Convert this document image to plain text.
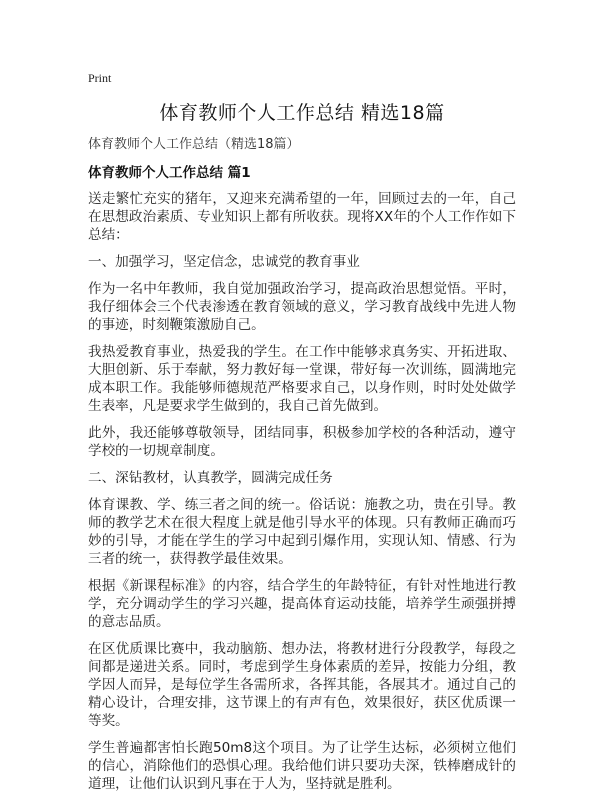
Print
体育教师个人工作总结 精选18篇

体育教师个人工作总结（精选18篇）

体育教师个人工作总结 篇1

送走繁忙充实的猪年，又迎来充满希望的一年，回顾过去的一年，自己在思想政治素质、专业知识上都有所收获。现将XX年的个人工作作如下总结：

一、加强学习，坚定信念，忠诚党的教育事业

作为一名中年教师，我自觉加强政治学习，提高政治思想觉悟。平时，我仔细体会三个代表渗透在教育领域的意义，学习教育战线中先进人物的事迹，时刻鞭策激励自己。

我热爱教育事业，热爱我的学生。在工作中能够求真务实、开拓进取、大胆创新、乐于奉献，努力教好每一堂课，带好每一次训练，圆满地完成本职工作。我能够师德规范严格要求自己，以身作则，时时处处做学生表率，凡是要求学生做到的，我自己首先做到。

此外，我还能够尊敬领导，团结同事，积极参加学校的各种活动，遵守学校的一切规章制度。

二、深钻教材，认真教学，圆满完成任务

体育课教、学、练三者之间的统一。俗话说：施教之功，贵在引导。教师的教学艺术在很大程度上就是他引导水平的体现。只有教师正确而巧妙的引导，才能在学生的学习中起到引爆作用，实现认知、情感、行为三者的统一，获得教学最佳效果。

根据《新课程标准》的内容，结合学生的年龄特征，有针对性地进行教学，充分调动学生的学习兴趣，提高体育运动技能，培养学生顽强拼搏的意志品质。

在区优质课比赛中，我动脑筋、想办法，将教材进行分段教学，每段之间都是递进关系。同时，考虑到学生身体素质的差异，按能力分组，教学因人而异，是每位学生各需所求，各挥其能，各展其才。通过自己的精心设计，合理安排，这节课上的有声有色，效果很好，获区优质课一等奖。

学生普遍都害怕长跑50m8这个项目。为了让学生达标，必须树立他们的信心，消除他们的恐惧心理。我给他们讲只要功夫深，铁棒磨成针的道理，让他们认识到凡事在于人为，坚持就是胜利。
